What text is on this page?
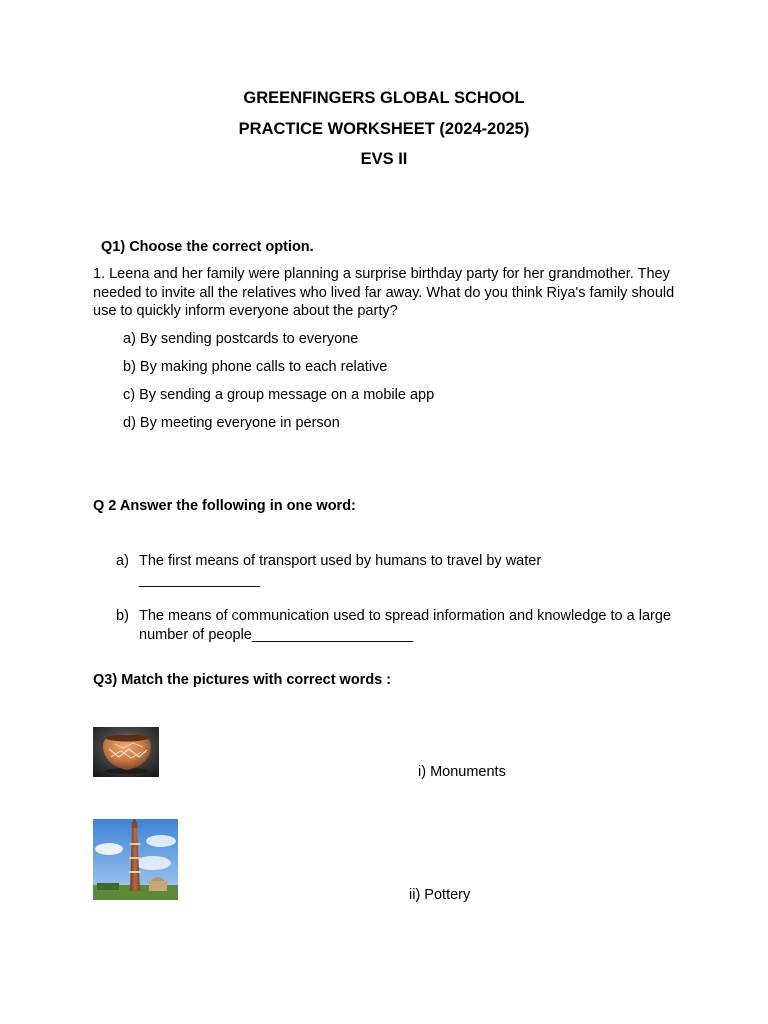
GREENFINGERS GLOBAL SCHOOL
PRACTICE WORKSHEET (2024-2025)
EVS II
Q1) Choose the correct option.
1. Leena and her family were planning a surprise birthday party for her grandmother. They needed to invite all the relatives who lived far away. What do you think Riya's family should use to quickly inform everyone about the party?
a) By sending postcards to everyone
b) By making phone calls to each relative
c) By sending a group message on a mobile app
d) By meeting everyone in person
Q 2 Answer the following in one word:
a) The first means of transport used by humans to travel by water _______________
b) The means of communication used to spread information and knowledge to a large number of people____________________
Q3) Match the pictures with correct words :
i) Monuments
ii) Pottery
